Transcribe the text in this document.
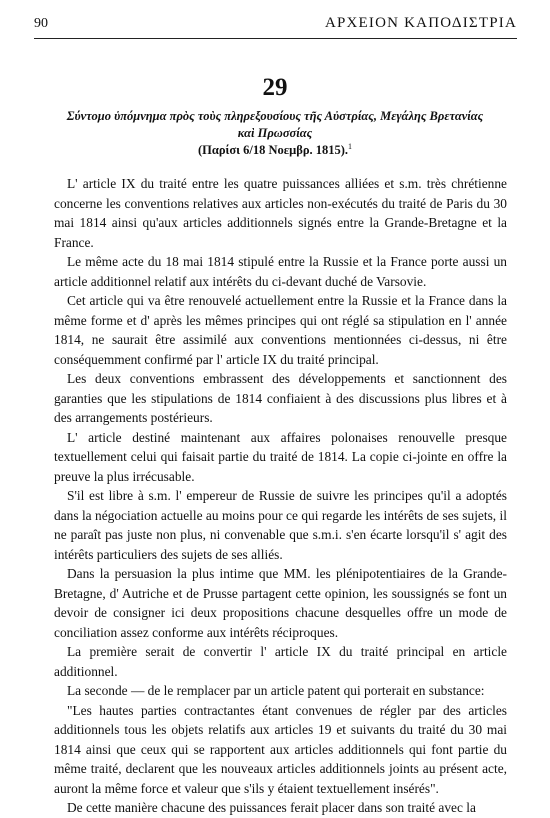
90	ΑΡΧΕΙΟΝ ΚΑΠΟΔΙΣΤΡΙΑ
29
Σύντομο ὑπόμνημα πρὸς τοὺς πληρεξουσίους τῆς Αὐστρίας, Μεγάλης Βρετανίας καὶ Πρωσσίας
(Παρίσι 6/18 Νοεμβρ. 1815).$^1$

L' article IX du traité entre les quatre puissances alliées et s.m. très chrétienne concerne les conventions relatives aux articles non-exécutés du traité de Paris du 30 mai 1814 ainsi qu'aux articles additionnels signés entre la Grande-Bretagne et la France.

Le même acte du 18 mai 1814 stipulé entre la Russie et la France porte aussi un article additionnel relatif aux intérêts du ci-devant duché de Varsovie.

Cet article qui va être renouvelé actuellement entre la Russie et la France dans la même forme et d' après les mêmes principes qui ont réglé sa stipulation en l' année 1814, ne saurait être assimilé aux conventions mentionnées ci-dessus, ni être conséquemment confirmé par l' article IX du traité principal.

Les deux conventions embrassent des développements et sanctionnent des garanties que les stipulations de 1814 confiaient à des discussions plus libres et à des arrangements postérieurs.

L' article destiné maintenant aux affaires polonaises renouvelle presque textuellement celui qui faisait partie du traité de 1814. La copie ci-jointe en offre la preuve la plus irrécusable.

S'il est libre à s.m. l' empereur de Russie de suivre les principes qu'il a adoptés dans la négociation actuelle au moins pour ce qui regarde les intérêts de ses sujets, il ne paraît pas juste non plus, ni convenable que s.m.i. s'en écarte lorsqu'il s' agit des intérêts particuliers des sujets de ses alliés.

Dans la persuasion la plus intime que MM. les plénipotentiaires de la Grande-Bretagne, d' Autriche et de Prusse partagent cette opinion, les soussignés se font un devoir de consigner ici deux propositions chacune desquelles offre un mode de conciliation assez conforme aux intérêts réciproques.

La première serait de convertir l' article IX du traité principal en article additionnel.

La seconde — de le remplacer par un article patent qui porterait en substance:

"Les hautes parties contractantes étant convenues de régler par des articles additionnels tous les objets relatifs aux articles 19 et suivants du traité du 30 mai 1814 ainsi que ceux qui se rapportent aux articles additionnels qui font partie du même traité, declarent que les nouveaux articles additionnels joints au présent acte, auront la même force et valeur que s'ils y étaient textuellement insérés".

De cette manière chacune des puissances ferait placer dans son traité avec la
